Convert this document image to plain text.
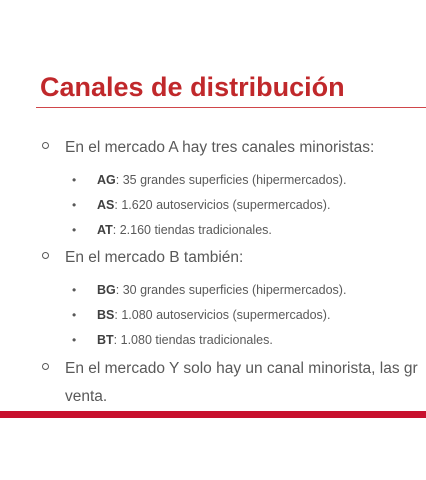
Canales de distribución
En el mercado A hay tres canales minoristas:
• AG: 35 grandes superficies (hipermercados).
• AS: 1.620 autoservicios (supermercados).
• AT: 2.160 tiendas tradicionales.
En el mercado B también:
• BG: 30 grandes superficies (hipermercados).
• BS: 1.080 autoservicios (supermercados).
• BT: 1.080 tiendas tradicionales.
En el mercado Y solo hay un canal minorista, las gr
venta.
